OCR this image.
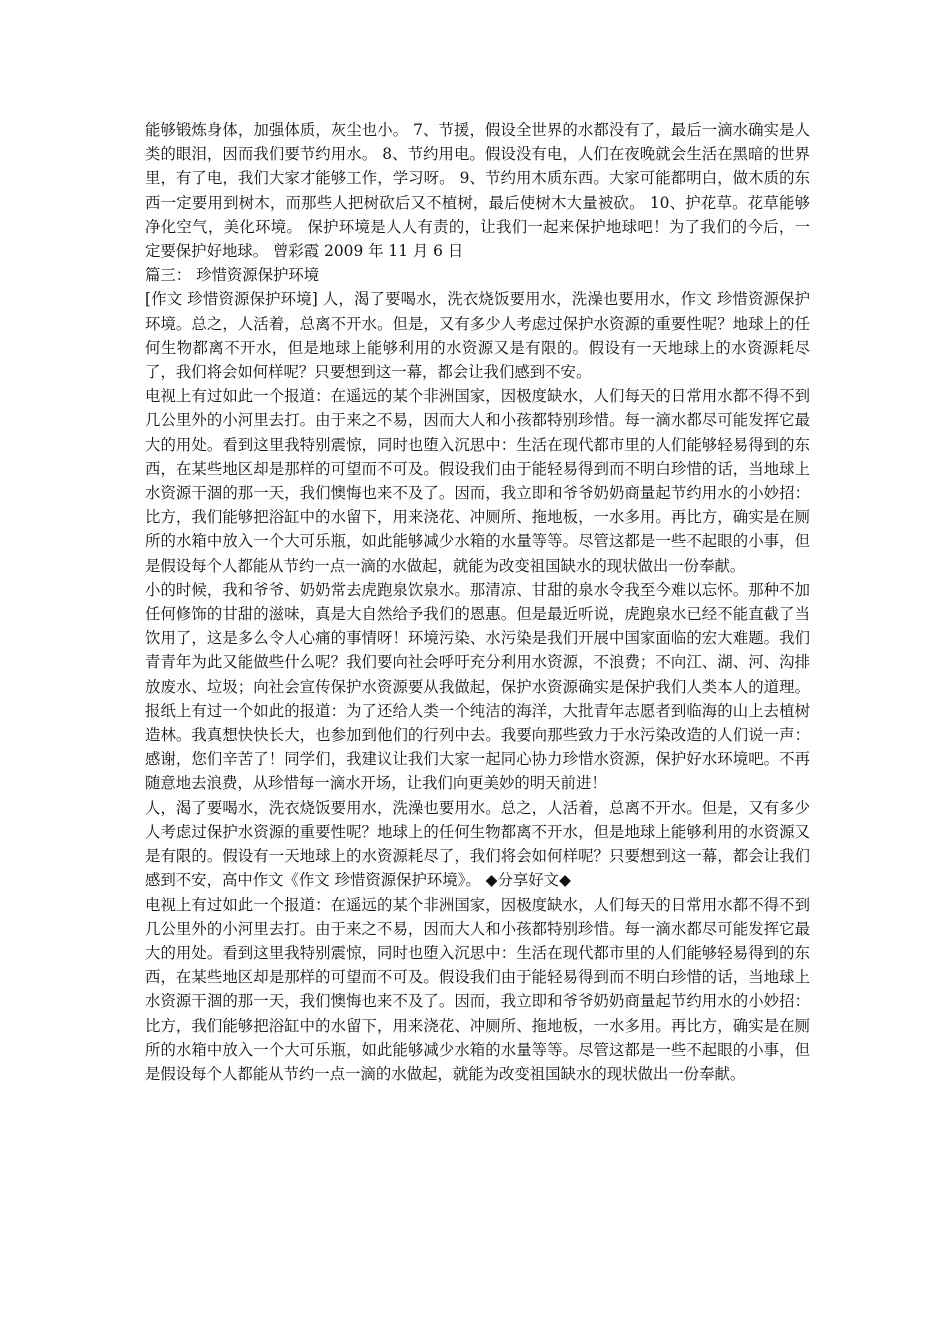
能够锻炼身体，加强体质，灰尘也小。 7、节援，假设全世界的水都没有了，最后一滴水确实是人类的眼泪，因而我们要节约用水。 8、节约用电。假设没有电，人们在夜晚就会生活在黑暗的世界里，有了电，我们大家才能够工作，学习呀。 9、节约用木质东西。大家可能都明白，做木质的东西一定要用到树木，而那些人把树砍后又不植树，最后使树木大量被砍。 10、护花草。花草能够净化空气，美化环境。 保护环境是人人有责的，让我们一起来保护地球吧！为了我们的今后，一定要保护好地球。 曾彩霞 2009 年 11 月 6 日

篇三： 珍惜资源保护环境

[作文 珍惜资源保护环境] 人，渴了要喝水，洗衣烧饭要用水，洗澡也要用水，作文 珍惜资源保护环境。总之，人活着，总离不开水。但是，又有多少人考虑过保护水资源的重要性呢？地球上的任何生物都离不开水，但是地球上能够利用的水资源又是有限的。假设有一天地球上的水资源耗尽了，我们将会如何样呢？只要想到这一幕，都会让我们感到不安。

电视上有过如此一个报道：在遥远的某个非洲国家，因极度缺水，人们每天的日常用水都不得不到几公里外的小河里去打。由于来之不易，因而大人和小孩都特别珍惜。每一滴水都尽可能发挥它最大的用处。看到这里我特别震惊，同时也堕入沉思中：生活在现代都市里的人们能够轻易得到的东西，在某些地区却是那样的可望而不可及。假设我们由于能轻易得到而不明白珍惜的话，当地球上水资源干涸的那一天，我们懊悔也来不及了。因而，我立即和爷爷奶奶商量起节约用水的小妙招：比方，我们能够把浴缸中的水留下，用来浇花、冲厕所、拖地板，一水多用。再比方，确实是在厕所的水箱中放入一个大可乐瓶，如此能够减少水箱的水量等等。尽管这都是一些不起眼的小事，但是假设每个人都能从节约一点一滴的水做起，就能为改变祖国缺水的现状做出一份奉献。

小的时候，我和爷爷、奶奶常去虎跑泉饮泉水。那清凉、甘甜的泉水令我至今难以忘怀。那种不加任何修饰的甘甜的滋味，真是大自然给予我们的恩惠。但是最近听说，虎跑泉水已经不能直截了当饮用了，这是多么令人心痛的事情呀！环境污染、水污染是我们开展中国家面临的宏大难题。我们青青年为此又能做些什么呢？我们要向社会呼吁充分利用水资源，不浪费；不向江、湖、河、沟排放废水、垃圾；向社会宣传保护水资源要从我做起，保护水资源确实是保护我们人类本人的道理。报纸上有过一个如此的报道：为了还给人类一个纯洁的海洋，大批青年志愿者到临海的山上去植树造林。我真想快快长大，也参加到他们的行列中去。我要向那些致力于水污染改造的人们说一声：感谢，您们辛苦了！同学们，我建议让我们大家一起同心协力珍惜水资源，保护好水环境吧。不再随意地去浪费，从珍惜每一滴水开场，让我们向更美妙的明天前进！

人，渴了要喝水，洗衣烧饭要用水，洗澡也要用水。总之，人活着，总离不开水。但是，又有多少人考虑过保护水资源的重要性呢？地球上的任何生物都离不开水，但是地球上能够利用的水资源又是有限的。假设有一天地球上的水资源耗尽了，我们将会如何样呢？只要想到这一幕，都会让我们感到不安，高中作文《作文 珍惜资源保护环境》。 ◆分享好文◆

电视上有过如此一个报道：在遥远的某个非洲国家，因极度缺水，人们每天的日常用水都不得不到几公里外的小河里去打。由于来之不易，因而大人和小孩都特别珍惜。每一滴水都尽可能发挥它最大的用处。看到这里我特别震惊，同时也堕入沉思中：生活在现代都市里的人们能够轻易得到的东西，在某些地区却是那样的可望而不可及。假设我们由于能轻易得到而不明白珍惜的话，当地球上水资源干涸的那一天，我们懊悔也来不及了。因而，我立即和爷爷奶奶商量起节约用水的小妙招：比方，我们能够把浴缸中的水留下，用来浇花、冲厕所、拖地板，一水多用。再比方，确实是在厕所的水箱中放入一个大可乐瓶，如此能够减少水箱的水量等等。尽管这都是一些不起眼的小事，但是假设每个人都能从节约一点一滴的水做起，就能为改变祖国缺水的现状做出一份奉献。
